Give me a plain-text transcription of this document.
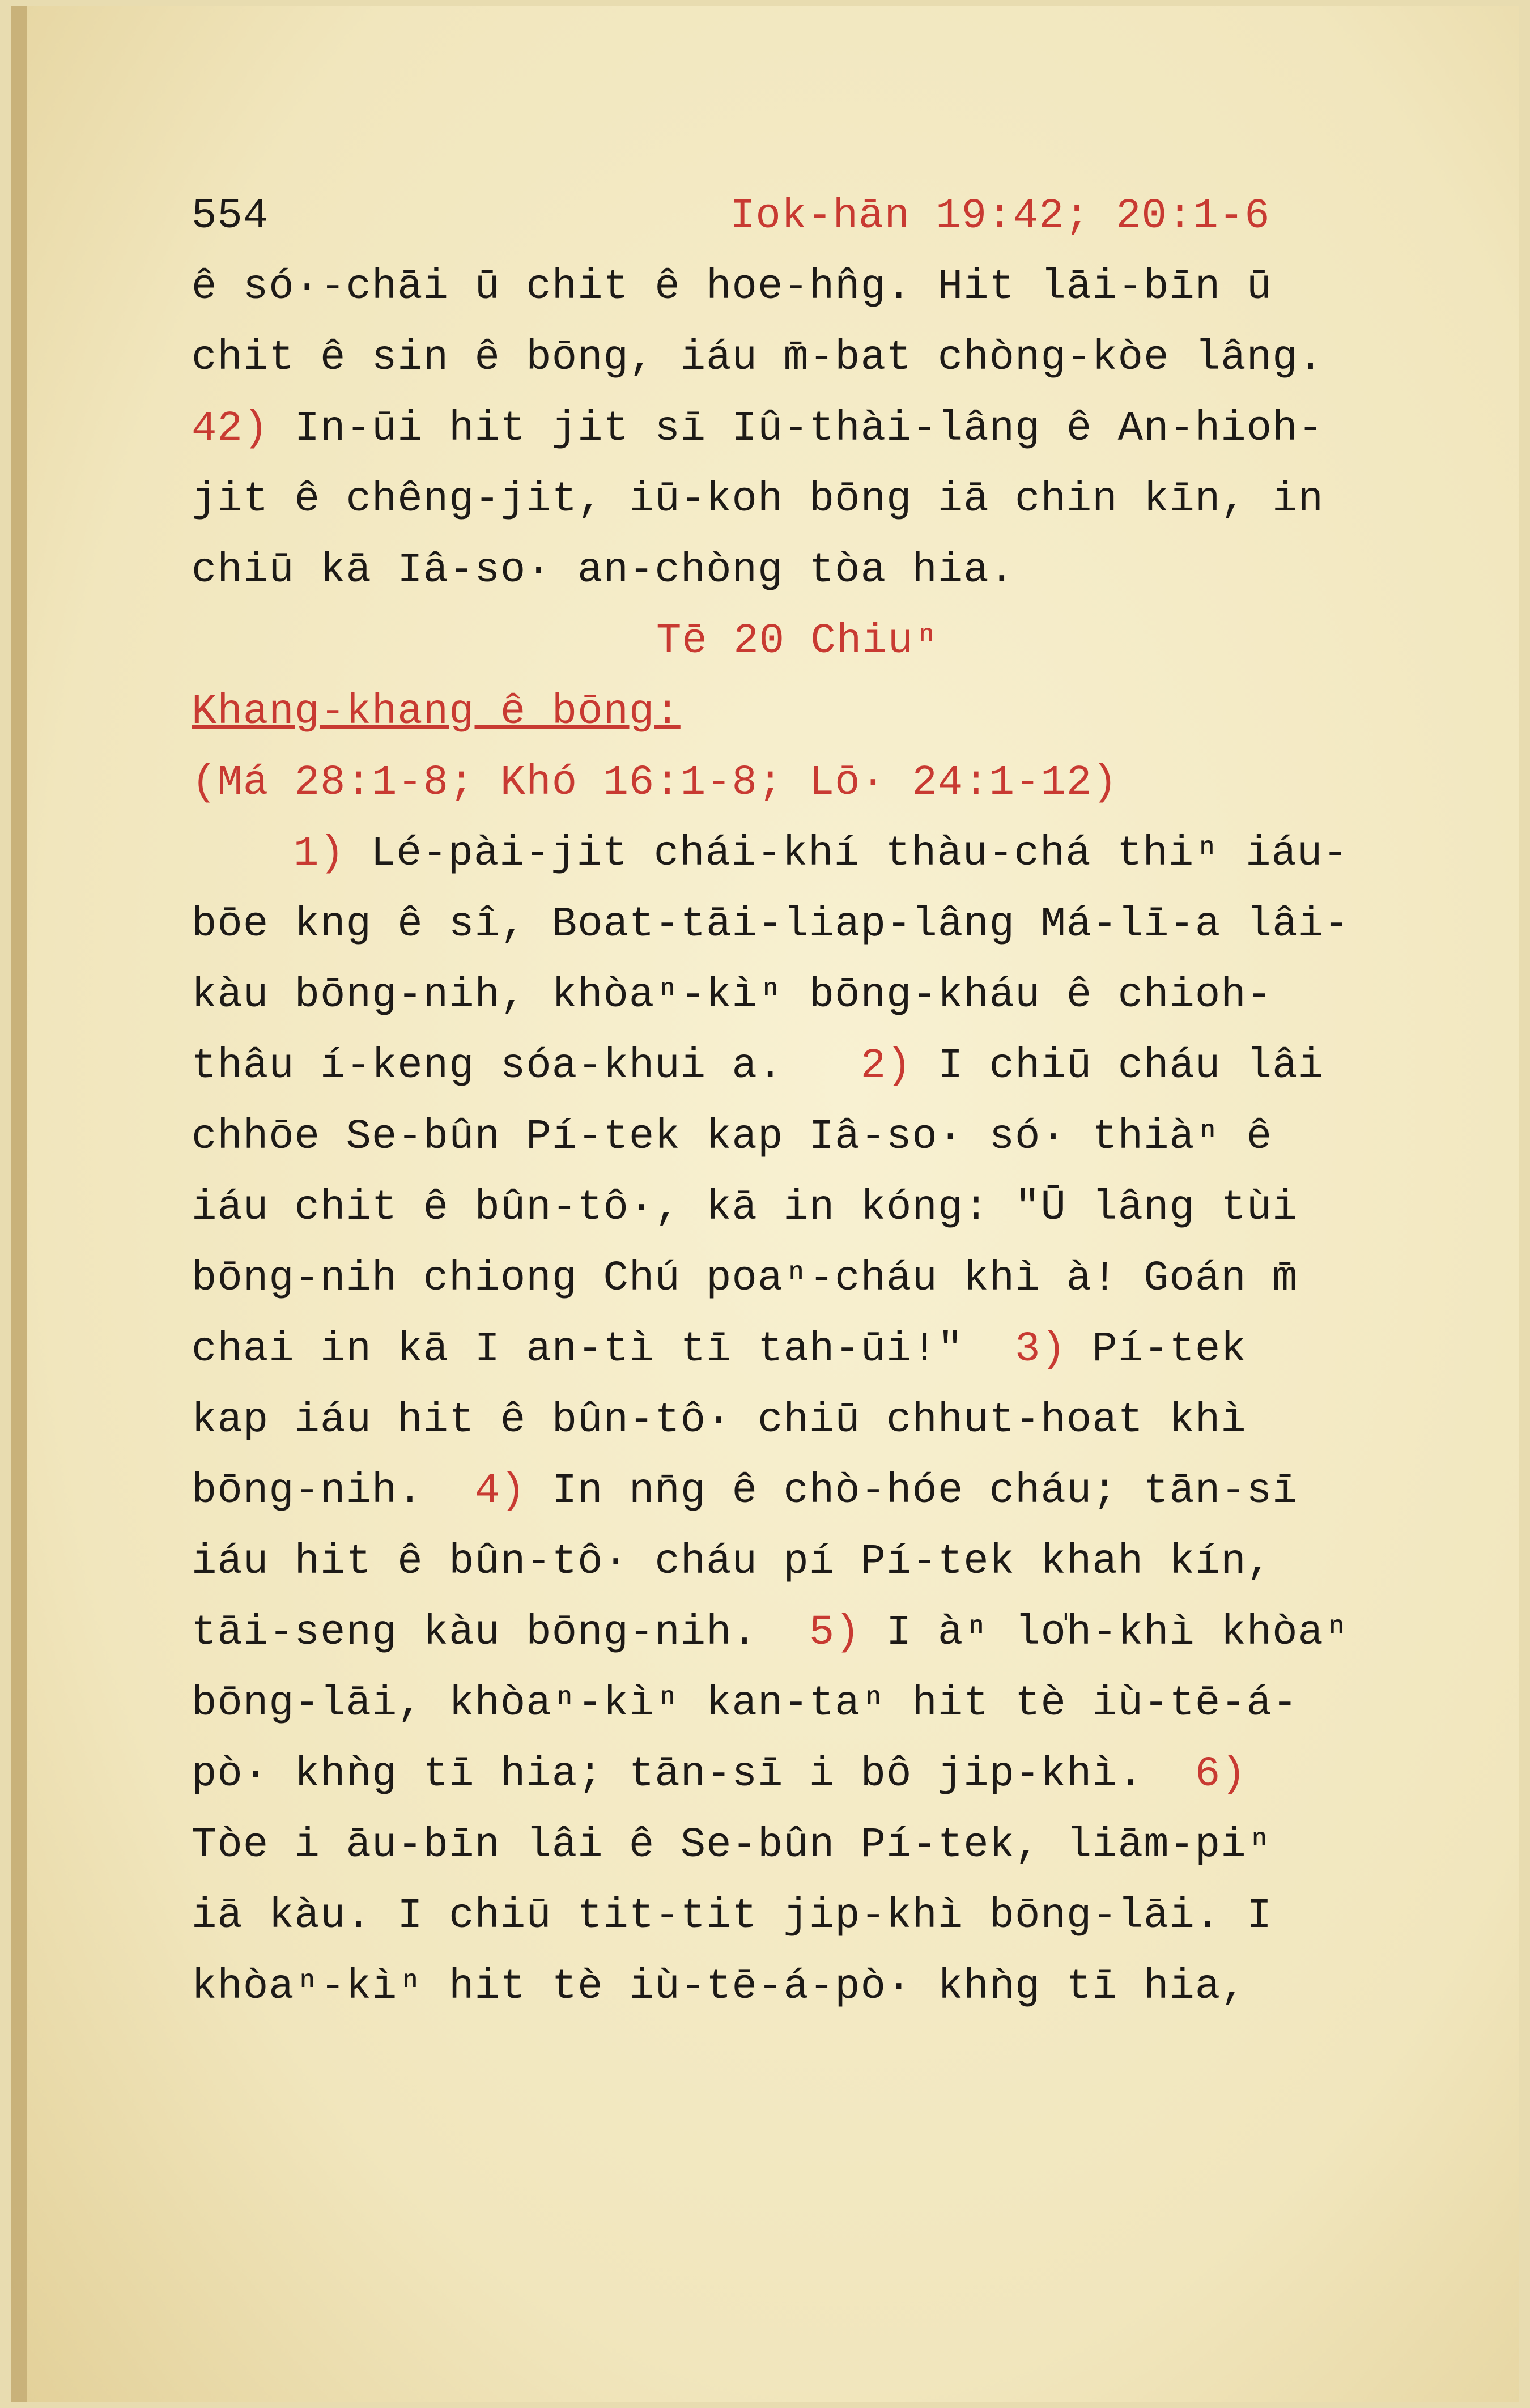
554	Iok-hān 19:42; 20:1-6
ê só·-chāi ū chit ê hoe-hn̂g. Hit lāi-bīn ū
chit ê sin ê bōng, iáu m̄-bat chòng-kòe lâng.
42) In-ūi hit jit sī Iû-thài-lâng ê An-hioh-
jit ê chêng-jit, iū-koh bōng iā chin kīn, in
chiū kā Iâ-so· an-chòng tòa hia.
Tē 20 Chiuⁿ
Khang-khang ê bōng:
(Má 28:1-8; Khó 16:1-8; Lō· 24:1-12)
1) Lé-pài-jit chái-khí thàu-chá thiⁿ iáu-
bōe kng ê sî, Boat-tāi-liap-lâng Má-lī-a lâi-
kàu bōng-nih, khòaⁿ-kìⁿ bōng-kháu ê chioh-
thâu í-keng sóa-khui a. 2) I chiū cháu lâi
chhōe Se-bûn Pí-tek kap Iâ-so· só· thiàⁿ ê
iáu chit ê bûn-tô·, kā in kóng: "Ū lâng tùi
bōng-nih chiong Chú poaⁿ-cháu khì à! Goán m̄
chai in kā I an-tì tī tah-ūi!" 3) Pí-tek
kap iáu hit ê bûn-tô· chiū chhut-hoat khì
bōng-nih. 4) In nn̄g ê chò-hóe cháu; tān-sī
iáu hit ê bûn-tô· cháu pí Pí-tek khah kín,
tāi-seng kàu bōng-nih. 5) I àⁿ lo̍h-khì khòaⁿ
bōng-lāi, khòaⁿ-kìⁿ kan-taⁿ hit tè iù-tē-á-
pò· khǹg tī hia; tān-sī i bô jip-khì. 6)
Tòe i āu-bīn lâi ê Se-bûn Pí-tek, liām-piⁿ
iā kàu. I chiū tit-tit jip-khì bōng-lāi. I
khòaⁿ-kìⁿ hit tè iù-tē-á-pò· khǹg tī hia,
